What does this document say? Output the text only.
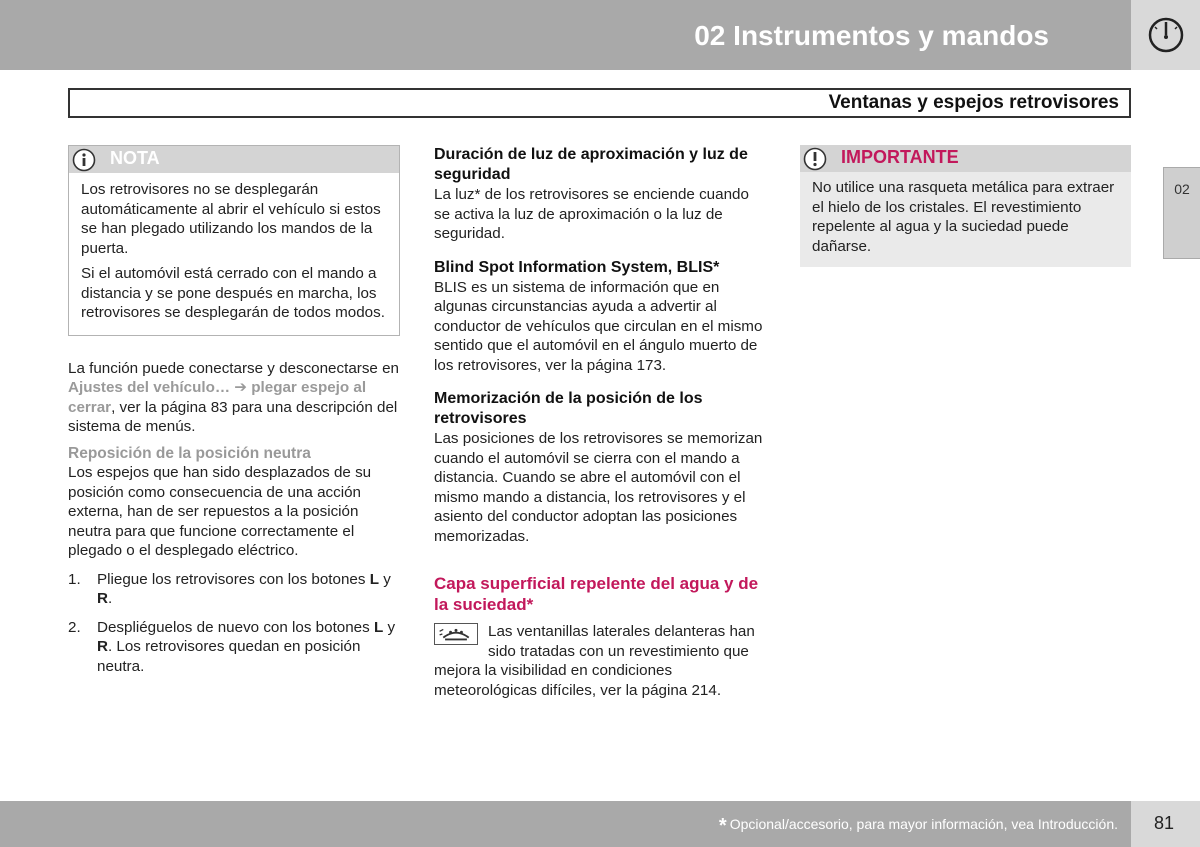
02 Instrumentos y mandos
Ventanas y espejos retrovisores
02
NOTA

Los retrovisores no se desplegarán automáticamente al abrir el vehículo si estos se han plegado utilizando los mandos de la puerta.

Si el automóvil está cerrado con el mando a distancia y se pone después en marcha, los retrovisores se desplegarán de todos modos.

La función puede conectarse y desconectarse en Ajustes del vehículo… ➔ plegar espejo al cerrar, ver la página 83 para una descripción del sistema de menús.

Reposición de la posición neutra

Los espejos que han sido desplazados de su posición como consecuencia de una acción externa, han de ser repuestos a la posición neutra para que funcione correctamente el plegado o el desplegado eléctrico.

1. Pliegue los retrovisores con los botones L y R.
2. Despliéguelos de nuevo con los botones L y R. Los retrovisores quedan en posición neutra.
Duración de luz de aproximación y luz de seguridad

La luz* de los retrovisores se enciende cuando se activa la luz de aproximación o la luz de seguridad.

Blind Spot Information System, BLIS*

BLIS es un sistema de información que en algunas circunstancias ayuda a advertir al conductor de vehículos que circulan en el mismo sentido que el automóvil en el ángulo muerto de los retrovisores, ver la página 173.

Memorización de la posición de los retrovisores

Las posiciones de los retrovisores se memorizan cuando el automóvil se cierra con el mando a distancia. Cuando se abre el automóvil con el mismo mando a distancia, los retrovisores y el asiento del conductor adoptan las posiciones memorizadas.

Capa superficial repelente del agua y de la suciedad*

Las ventanillas laterales delanteras han sido tratadas con un revestimiento que mejora la visibilidad en condiciones meteorológicas difíciles, ver la página 214.

IMPORTANTE

No utilice una rasqueta metálica para extraer el hielo de los cristales. El revestimiento repelente al agua y la suciedad puede dañarse.

* Opcional/accesorio, para mayor información, vea Introducción.	81
